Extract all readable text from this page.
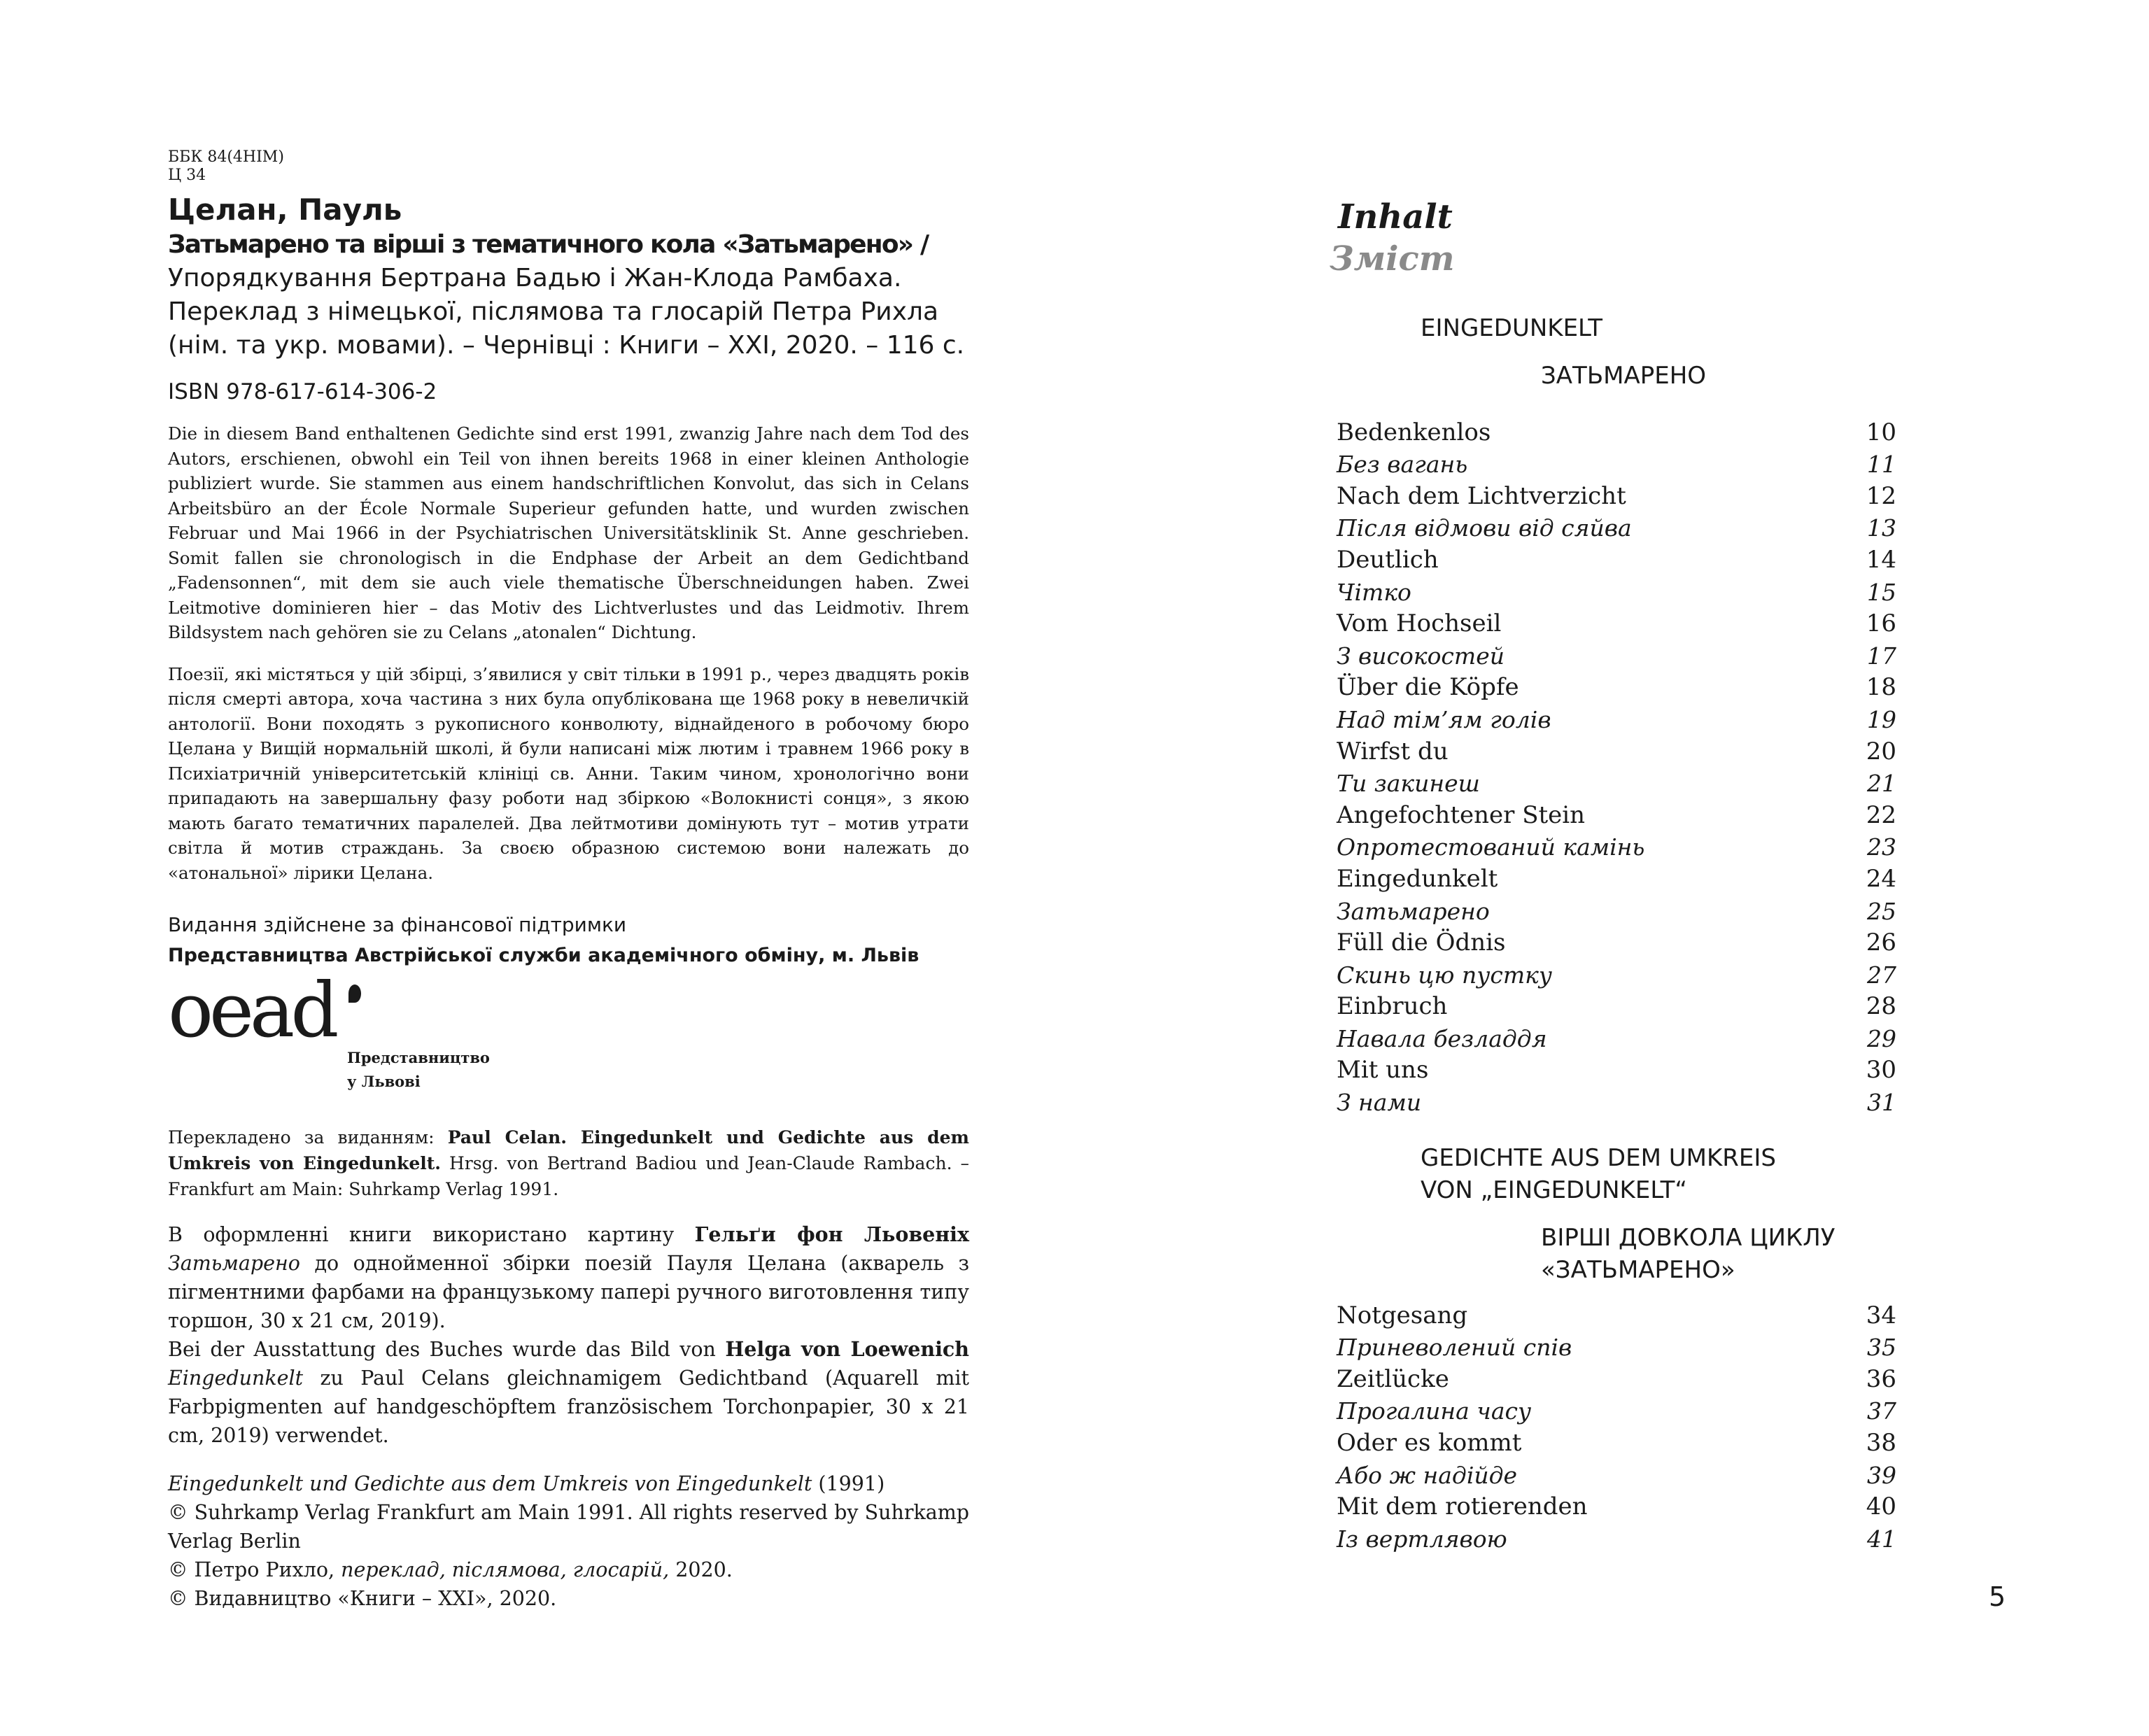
ББК 84(4НІМ)
Ц 34
Целан, Пауль
Затьмарено та вірші з тематичного кола «Затьмарено» /
Упорядкування Бертрана Бадью і Жан-Клода Рамбаха.
Переклад з німецької, післямова та глосарій Петра Рихла
(нім. та укр. мовами). – Чернівці : Книги – ХХІ, 2020. – 116 с.
ISBN 978-617-614-306-2
Die in diesem Band enthaltenen Gedichte sind erst 1991, zwanzig Jahre nach dem Tod des Autors, erschienen, obwohl ein Teil von ihnen bereits 1968 in einer kleinen Anthologie publiziert wurde. Sie stammen aus einem handschriftlichen Konvolut, das sich in Celans Arbeitsbüro an der École Normale Superieur gefunden hatte, und wurden zwischen Februar und Mai 1966 in der Psychiatrischen Universitätsklinik St. Anne geschrieben. Somit fallen sie chronologisch in die Endphase der Arbeit an dem Gedichtband „Fadensonnen“, mit dem sie auch viele thematische Überschneidungen haben. Zwei Leitmotive dominieren hier – das Motiv des Lichtverlustes und das Leidmotiv. Ihrem Bildsystem nach gehören sie zu Celans „atonalen“ Dichtung.
Поезії, які містяться у цій збірці, з’явилися у світ тільки в 1991 р., через двадцять років після смерті автора, хоча частина з них була опублікована ще 1968 року в невеличкій антології. Вони походять з рукописного конволюту, віднайденого в робочому бюро Целана у Вищій нормальній школі, й були написані між лютим і травнем 1966 року в Психіатричній університетській клініці св. Анни. Таким чином, хронологічно вони припадають на завершальну фазу роботи над збіркою «Волокнисті сонця», з якою мають багато тематичних паралелей. Два лейтмотиви домінують тут – мотив утрати світла й мотив страждань. За своєю образною системою вони належать до «атональної» лірики Целана.
Видання здійснене за фінансової підтримки
Представництва Австрійської служби академічного обміну, м. Львів
oead
Представництво
у Львові
Перекладено за виданням: Paul Celan. Eingedunkelt und Gedichte aus dem Umkreis von Eingedunkelt. Hrsg. von Bertrand Badiou und Jean-Claude Rambach. – Frankfurt am Main: Suhrkamp Verlag 1991.
В оформленні книги використано картину Гельґи фон Льовеніх Затьмарено до однойменної збірки поезій Пауля Целана (акварель з пігментними фарбами на французькому папері ручного виготовлення типу торшон, 30 х 21 см, 2019).
Bei der Ausstattung des Buches wurde das Bild von Helga von Loewenich Eingedunkelt zu Paul Celans gleichnamigem Gedichtband (Aquarell mit Farbpigmenten auf handgeschöpftem französischem Torchonpapier, 30 x 21 cm, 2019) verwendet.
Eingedunkelt und Gedichte aus dem Umkreis von Eingedunkelt (1991)
© Suhrkamp Verlag Frankfurt am Main 1991. All rights reserved by Suhrkamp Verlag Berlin
© Петро Рихло, переклад, післямова, глосарій, 2020.
© Видавництво «Книги – ХХІ», 2020.
Inhalt
Зміст
EINGEDUNKELT
ЗАТЬМАРЕНО
Bedenkenlos	10
Без вагань	11
Nach dem Lichtverzicht	12
Після відмови від сяйва	13
Deutlich	14
Чітко	15
Vom Hochseil	16
З високостей	17
Über die Köpfe	18
Над тім’ям голів	19
Wirfst du	20
Ти закинеш	21
Angefochtener Stein	22
Опротестований камінь	23
Eingedunkelt	24
Затьмарено	25
Füll die Ödnis	26
Скинь цю пустку	27
Einbruch	28
Навала безладдя	29
Mit uns	30
З нами	31
GEDICHTE AUS DEM UMKREIS
VON „EINGEDUNKELT“
ВІРШІ ДОВКОЛА ЦИКЛУ
«ЗАТЬМАРЕНО»
Notgesang	34
Приневолений спів	35
Zeitlücke	36
Прогалина часу	37
Oder es kommt	38
Або ж надійде	39
Mit dem rotierenden	40
Із вертлявою	41
5
